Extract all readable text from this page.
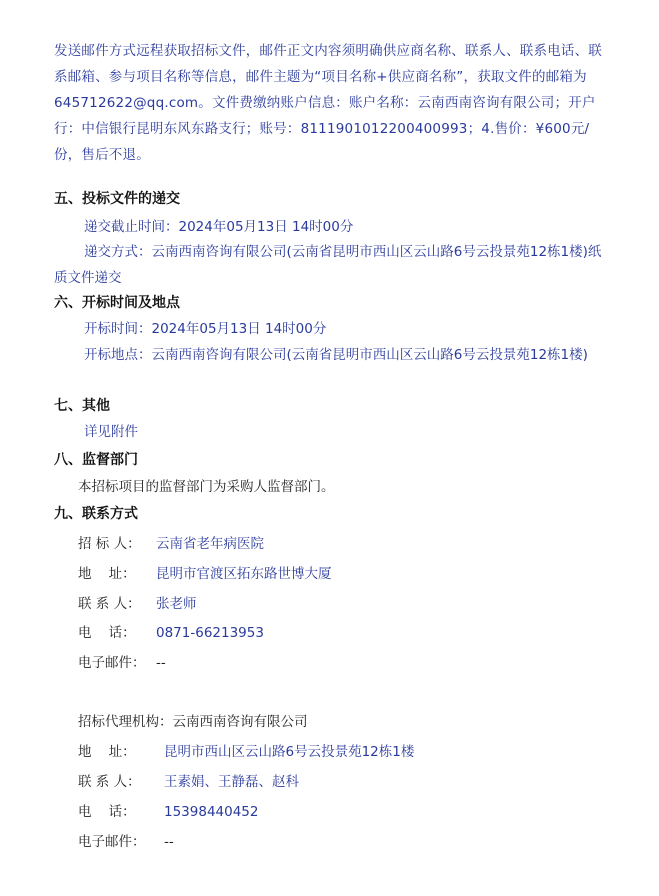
发送邮件方式远程获取招标文件，邮件正文内容须明确供应商名称、联系人、联系电话、联系邮箱、参与项目名称等信息，邮件主题为“项目名称+供应商名称”，获取文件的邮箱为645712622@qq.com。文件费缴纳账户信息：账户名称：云南西南咨询有限公司；开户行：中信银行昆明东风东路支行；账号：8111901012200400993；4.售价：¥600元/份，售后不退。
五、投标文件的递交
递交截止时间：2024年05月13日 14时00分
递交方式：云南西南咨询有限公司(云南省昆明市西山区云山路6号云投景苑12栋1楼)纸质文件递交
六、开标时间及地点
开标时间：2024年05月13日 14时00分
开标地点：云南西南咨询有限公司(云南省昆明市西山区云山路6号云投景苑12栋1楼)
七、其他
详见附件
八、监督部门
本招标项目的监督部门为采购人监督部门。
九、联系方式
招 标 人： 云南省老年病医院
地    址： 昆明市官渡区拓东路世博大厦
联 系 人： 张老师
电    话： 0871-66213953
电子邮件： --
招标代理机构：云南西南咨询有限公司
地    址： 昆明市西山区云山路6号云投景苑12栋1楼
联 系 人： 王素娟、王静磊、赵科
电    话： 15398440452
电子邮件： --
